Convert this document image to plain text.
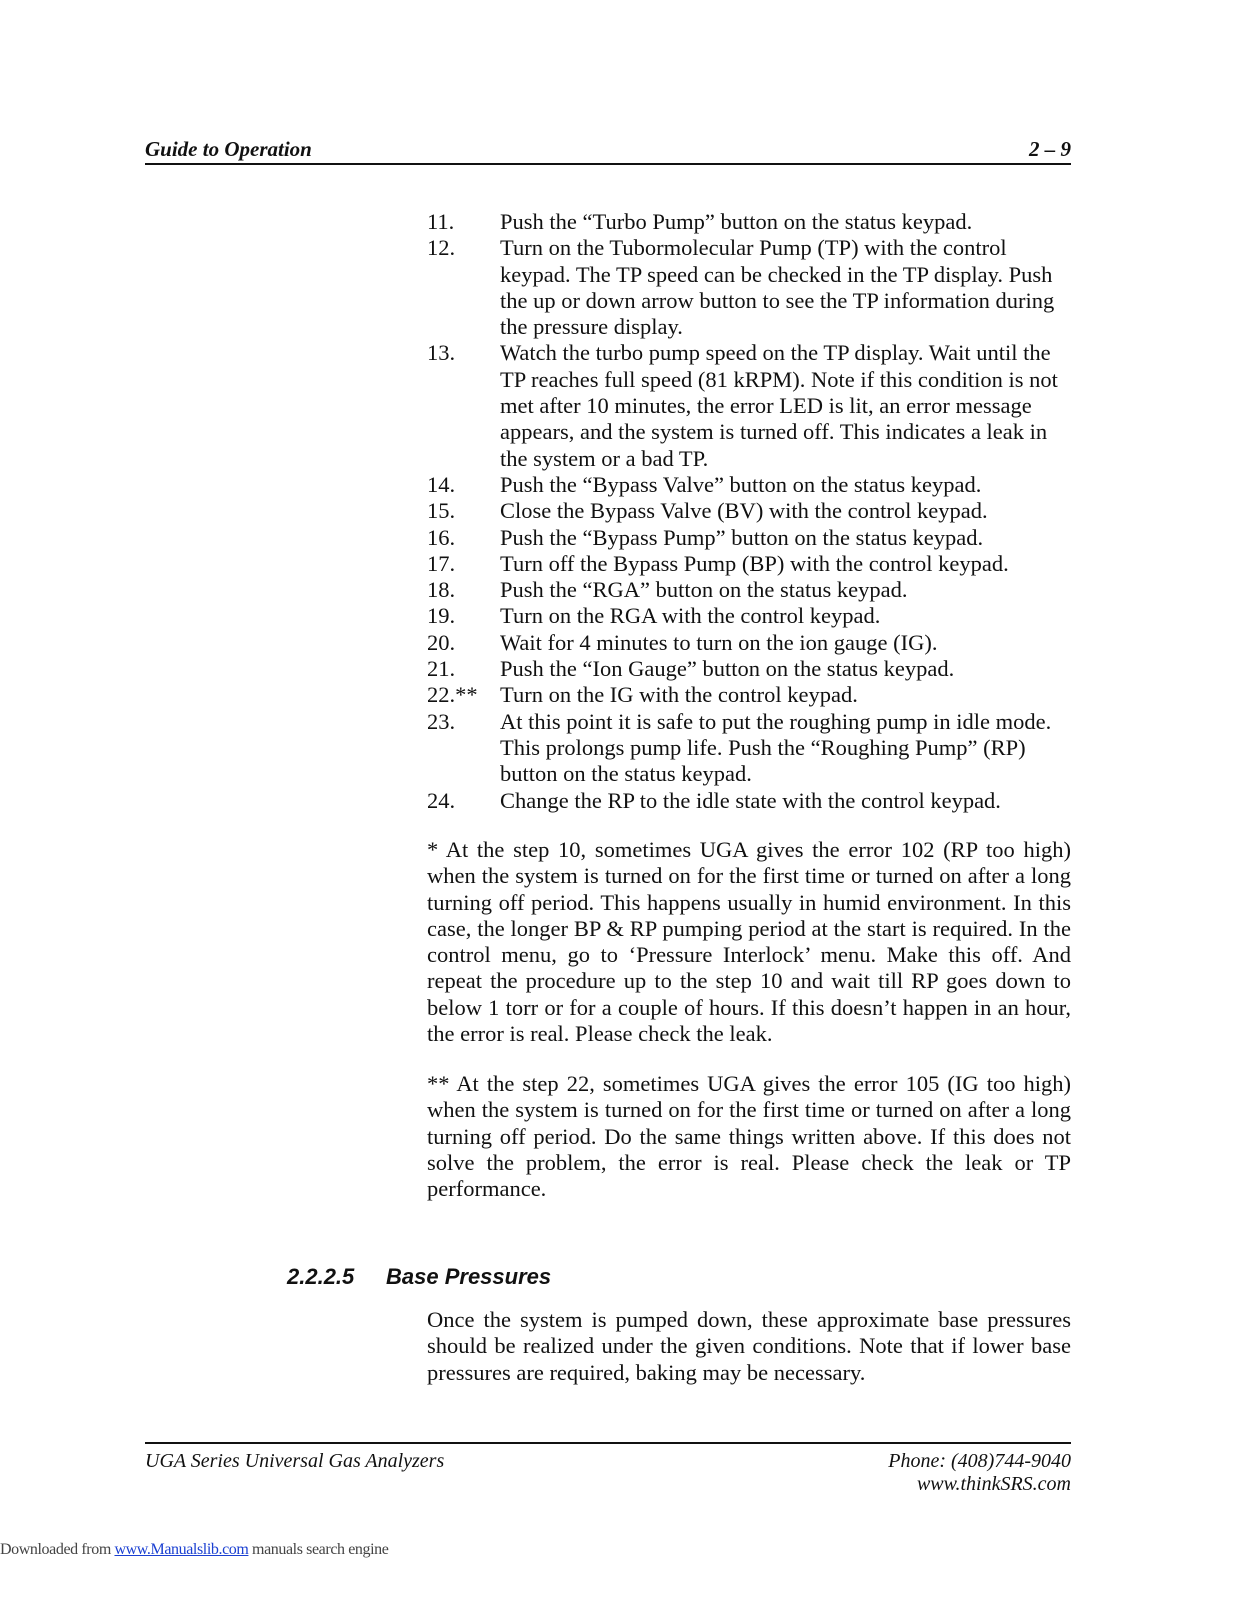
Guide to Operation	2 – 9
11.	Push the “Turbo Pump” button on the status keypad.
12.	Turn on the Tubormolecular Pump (TP) with the control keypad. The TP speed can be checked in the TP display. Push the up or down arrow button to see the TP information during the pressure display.
13.	Watch the turbo pump speed on the TP display. Wait until the TP reaches full speed (81 kRPM). Note if this condition is not met after 10 minutes, the error LED is lit, an error message appears, and the system is turned off. This indicates a leak in the system or a bad TP.
14.	Push the “Bypass Valve” button on the status keypad.
15.	Close the Bypass Valve (BV) with the control keypad.
16.	Push the “Bypass Pump” button on the status keypad.
17.	Turn off the Bypass Pump (BP) with the control keypad.
18.	Push the “RGA” button on the status keypad.
19.	Turn on the RGA with the control keypad.
20.	Wait for 4 minutes to turn on the ion gauge (IG).
21.	Push the “Ion Gauge” button on the status keypad.
22.** Turn on the IG with the control keypad.
23.	At this point it is safe to put the roughing pump in idle mode. This prolongs pump life. Push the “Roughing Pump” (RP) button on the status keypad.
24.	Change the RP to the idle state with the control keypad.

* At the step 10, sometimes UGA gives the error 102 (RP too high) when the system is turned on for the first time or turned on after a long turning off period. This happens usually in humid environment. In this case, the longer BP & RP pumping period at the start is required. In the control menu, go to ‘Pressure Interlock’ menu. Make this off. And repeat the procedure up to the step 10 and wait till RP goes down to below 1 torr or for a couple of hours. If this doesn’t happen in an hour, the error is real. Please check the leak.

** At the step 22, sometimes UGA gives the error 105 (IG too high) when the system is turned on for the first time or turned on after a long turning off period. Do the same things written above. If this does not solve the problem, the error is real. Please check the leak or TP performance.

2.2.2.5 Base Pressures

Once the system is pumped down, these approximate base pressures should be realized under the given conditions. Note that if lower base pressures are required, baking may be necessary.

UGA Series Universal Gas Analyzers	Phone: (408)744-9040
www.thinkSRS.com
Downloaded from www.Manualslib.com manuals search engine
